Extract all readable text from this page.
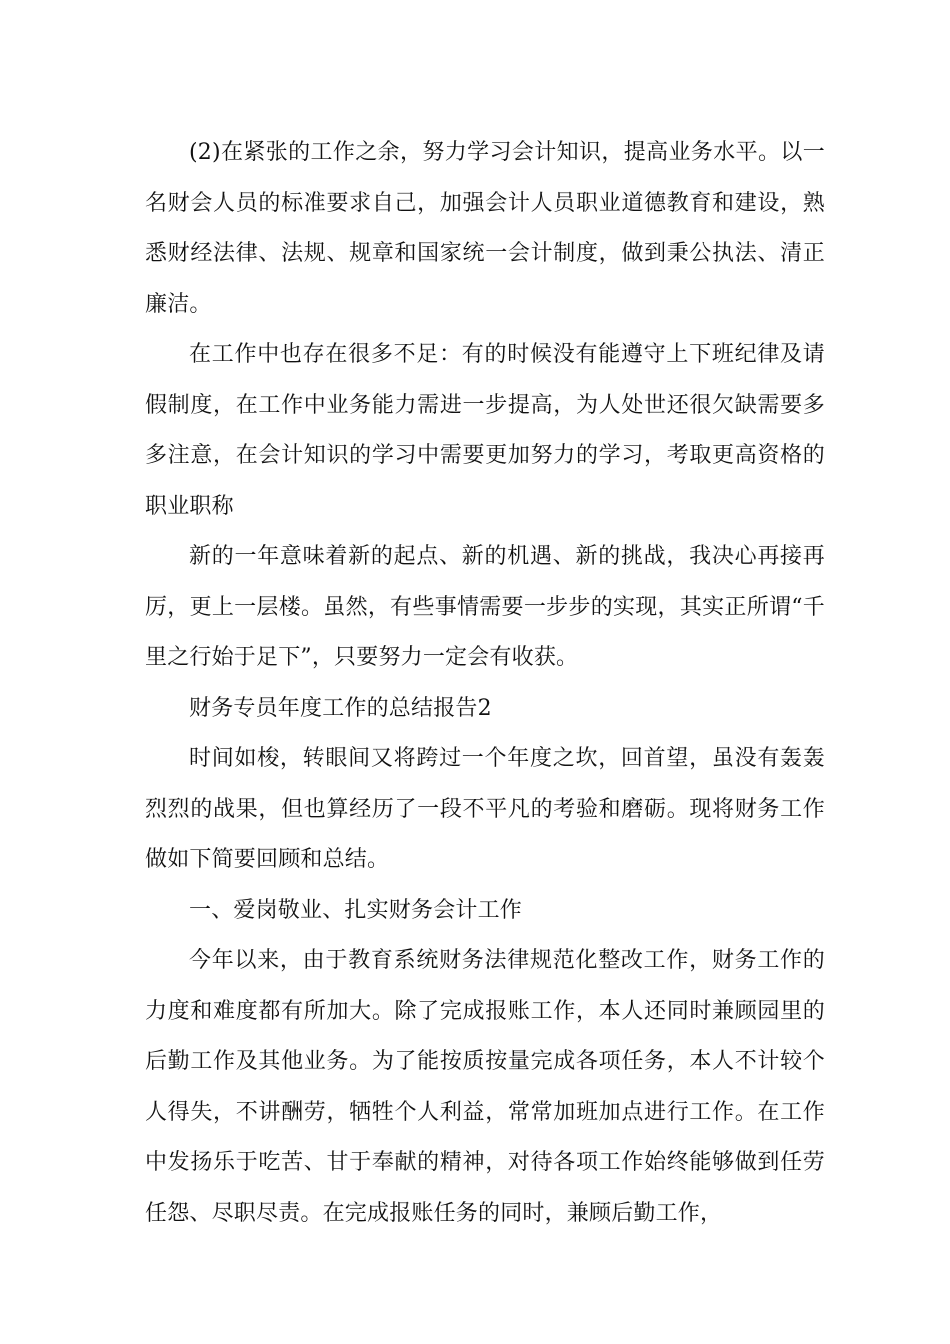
(2)在紧张的工作之余，努力学习会计知识，提高业务水平。以一名财会人员的标准要求自己，加强会计人员职业道德教育和建设，熟悉财经法律、法规、规章和国家统一会计制度，做到秉公执法、清正廉洁。

在工作中也存在很多不足：有的时候没有能遵守上下班纪律及请假制度，在工作中业务能力需进一步提高，为人处世还很欠缺需要多多注意，在会计知识的学习中需要更加努力的学习，考取更高资格的职业职称

新的一年意味着新的起点、新的机遇、新的挑战，我决心再接再厉，更上一层楼。虽然，有些事情需要一步步的实现，其实正所谓“千里之行始于足下”，只要努力一定会有收获。

财务专员年度工作的总结报告2

时间如梭，转眼间又将跨过一个年度之坎，回首望，虽没有轰轰烈烈的战果，但也算经历了一段不平凡的考验和磨砺。现将财务工作做如下简要回顾和总结。

一、爱岗敬业、扎实财务会计工作

今年以来，由于教育系统财务法律规范化整改工作，财务工作的力度和难度都有所加大。除了完成报账工作，本人还同时兼顾园里的后勤工作及其他业务。为了能按质按量完成各项任务，本人不计较个人得失，不讲酬劳，牺牲个人利益，常常加班加点进行工作。在工作中发扬乐于吃苦、甘于奉献的精神，对待各项工作始终能够做到任劳任怨、尽职尽责。在完成报账任务的同时，兼顾后勤工作，
